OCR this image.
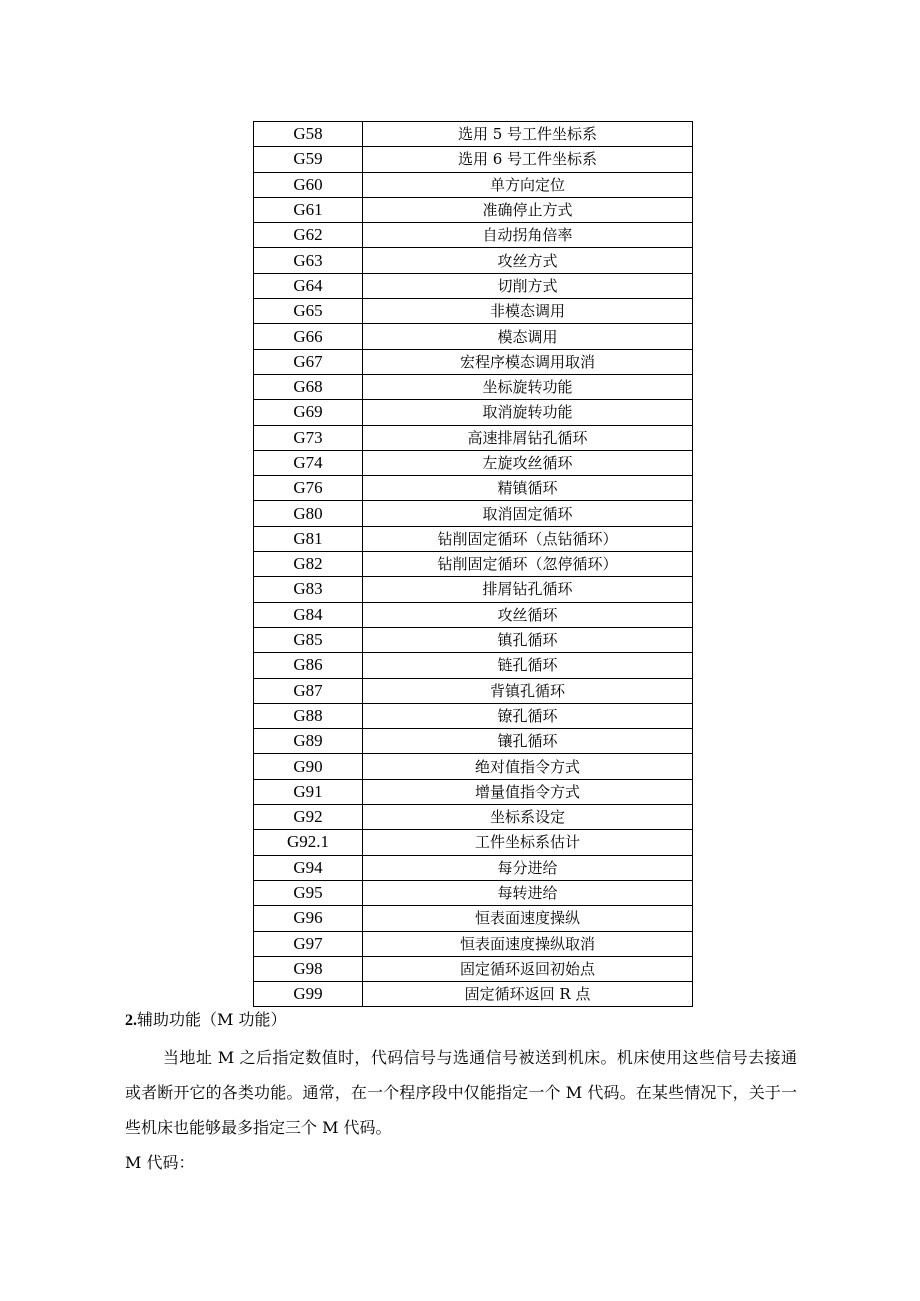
G58	选用 5 号工件坐标系
G59	选用 6 号工件坐标系
G60	单方向定位
G61	准确停止方式
G62	自动拐角倍率
G63	攻丝方式
G64	切削方式
G65	非模态调用
G66	模态调用
G67	宏程序模态调用取消
G68	坐标旋转功能
G69	取消旋转功能
G73	高速排屑钻孔循环
G74	左旋攻丝循环
G76	精镇循环
G80	取消固定循环
G81	钻削固定循环（点钻循环）
G82	钻削固定循环（忽停循环）
G83	排屑钻孔循环
G84	攻丝循环
G85	镇孔循环
G86	链孔循环
G87	背镇孔循环
G88	镣孔循环
G89	镶孔循环
G90	绝对值指令方式
G91	增量值指令方式
G92	坐标系设定
G92.1	工件坐标系估计
G94	每分进给
G95	每转进给
G96	恒表面速度操纵
G97	恒表面速度操纵取消
G98	固定循环返回初始点
G99	固定循环返回 R 点

2.辅助功能（M 功能）

当地址 M 之后指定数值时，代码信号与选通信号被送到机床。机床使用这些信号去接通或者断开它的各类功能。通常，在一个程序段中仅能指定一个 M 代码。在某些情况下，关于一些机床也能够最多指定三个 M 代码。

M 代码：
